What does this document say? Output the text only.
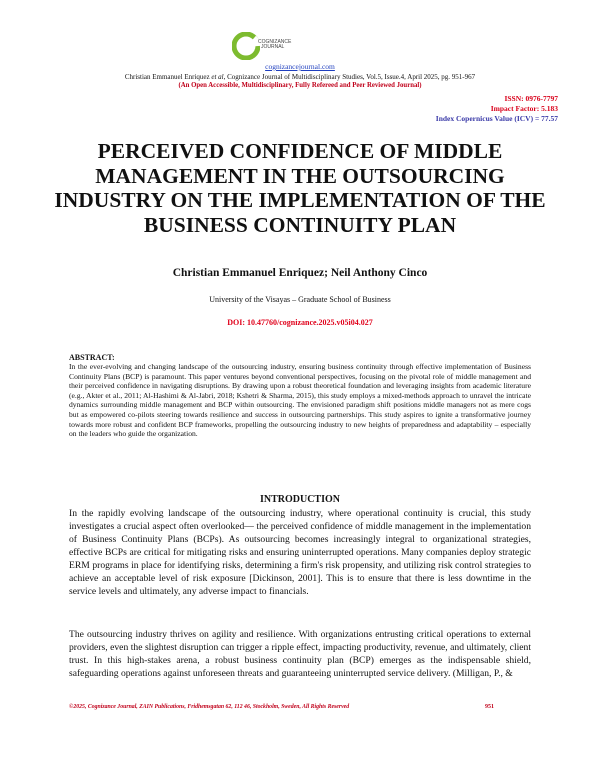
COGNIZANCE
JOURNAL
cognizancejournal.com
Christian Emmanuel Enriquez et al, Cognizance Journal of Multidisciplinary Studies, Vol.5, Issue.4, April 2025, pg. 951-967
(An Open Accessible, Multidisciplinary, Fully Refereed and Peer Reviewed Journal)
ISSN: 0976-7797
Impact Factor: 5.183
Index Copernicus Value (ICV) = 77.57
PERCEIVED CONFIDENCE OF MIDDLE MANAGEMENT IN THE OUTSOURCING INDUSTRY ON THE IMPLEMENTATION OF THE BUSINESS CONTINUITY PLAN
Christian Emmanuel Enriquez; Neil Anthony Cinco
University of the Visayas – Graduate School of Business
DOI: 10.47760/cognizance.2025.v05i04.027
ABSTRACT:
In the ever-evolving and changing landscape of the outsourcing industry, ensuring business continuity through effective implementation of Business Continuity Plans (BCP) is paramount. This paper ventures beyond conventional perspectives, focusing on the pivotal role of middle management and their perceived confidence in navigating disruptions. By drawing upon a robust theoretical foundation and leveraging insights from academic literature (e.g., Akter et al., 2011; Al-Hashimi & Al-Jabri, 2018; Kshetri & Sharma, 2015), this study employs a mixed-methods approach to unravel the intricate dynamics surrounding middle management and BCP within outsourcing. The envisioned paradigm shift positions middle managers not as mere cogs but as empowered co-pilots steering towards resilience and success in outsourcing partnerships. This study aspires to ignite a transformative journey towards more robust and confident BCP frameworks, propelling the outsourcing industry to new heights of preparedness and adaptability – especially on the leaders who guide the organization.
INTRODUCTION
In the rapidly evolving landscape of the outsourcing industry, where operational continuity is crucial, this study investigates a crucial aspect often overlooked— the perceived confidence of middle management in the implementation of Business Continuity Plans (BCPs). As outsourcing becomes increasingly integral to organizational strategies, effective BCPs are critical for mitigating risks and ensuring uninterrupted operations. Many companies deploy strategic ERM programs in place for identifying risks, determining a firm's risk propensity, and utilizing risk control strategies to achieve an acceptable level of risk exposure [Dickinson, 2001]. This is to ensure that there is less downtime in the service levels and ultimately, any adverse impact to financials.
The outsourcing industry thrives on agility and resilience. With organizations entrusting critical operations to external providers, even the slightest disruption can trigger a ripple effect, impacting productivity, revenue, and ultimately, client trust. In this high-stakes arena, a robust business continuity plan (BCP) emerges as the indispensable shield, safeguarding operations against unforeseen threats and guaranteeing uninterrupted service delivery. (Milligan, P., &
©2025, Cognizance Journal, ZAIN Publications, Fridhemsgatan 62, 112 46, Stockholm, Sweden, All Rights Reserved	951
